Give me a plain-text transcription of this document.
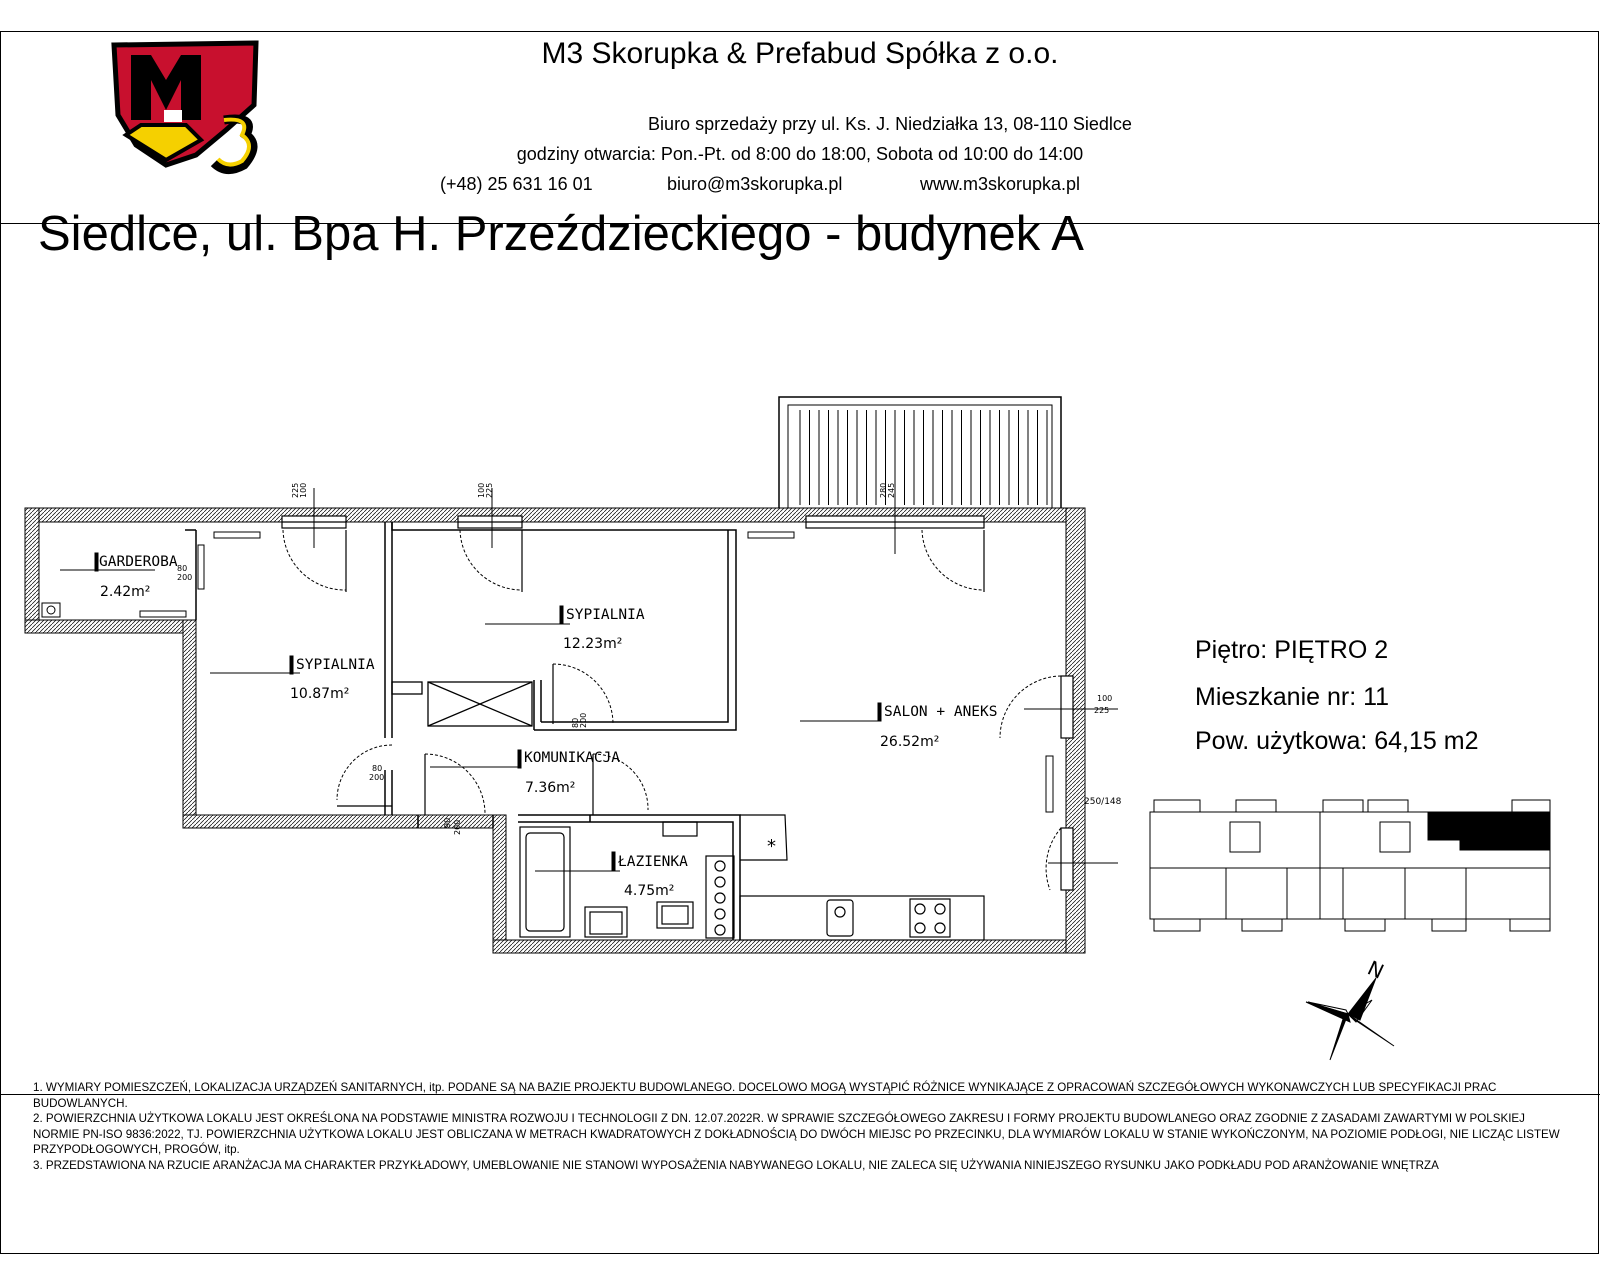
M3 Skorupka & Prefabud Spółka z o.o.
Biuro sprzedaży przy ul. Ks. J. Niedziałka 13, 08-110 Siedlce
godziny otwarcia: Pon.-Pt. od 8:00 do 18:00, Sobota od 10:00 do 14:00
(+48) 25 631 16 01	biuro@m3skorupka.pl	www.m3skorupka.pl
Siedlce, ul. Bpa H. Przeździeckiego - budynek A
Piętro: PIĘTRO 2
Mieszkanie nr: 11
Pow. użytkowa: 64,15 m2
*
GARDEROBA
2.42m²
SYPIALNIA
10.87m²
SYPIALNIA
12.23m²
SALON + ANEKS
26.52m²
KOMUNIKACJA
7.36m²
ŁAZIENKA
4.75m²
100
225	100 225	280 245
100
225
80
200
80
200
90 200
80 200
250/148
N

1. WYMIARY POMIESZCZEŃ, LOKALIZACJA URZĄDZEŃ SANITARNYCH, itp. PODANE SĄ NA BAZIE PROJEKTU BUDOWLANEGO. DOCELOWO MOGĄ WYSTĄPIĆ RÓŻNICE WYNIKAJĄCE Z OPRACOWAŃ SZCZEGÓŁOWYCH WYKONAWCZYCH LUB SPECYFIKACJI PRAC BUDOWLANYCH.

2. POWIERZCHNIA UŻYTKOWA LOKALU JEST OKREŚLONA NA PODSTAWIE MINISTRA ROZWOJU I TECHNOLOGII Z DN. 12.07.2022R. W SPRAWIE SZCZEGÓŁOWEGO ZAKRESU I FORMY PROJEKTU BUDOWLANEGO ORAZ ZGODNIE Z ZASADAMI ZAWARTYMI W POLSKIEJ NORMIE PN-ISO 9836:2022, TJ. POWIERZCHNIA UŻYTKOWA LOKALU JEST OBLICZANA W METRACH KWADRATOWYCH Z DOKŁADNOŚCIĄ DO DWÓCH MIEJSC PO PRZECINKU, DLA WYMIARÓW LOKALU W STANIE WYKOŃCZONYM, NA POZIOMIE PODŁOGI, NIE LICZĄC LISTEW PRZYPODŁOGOWYCH, PROGÓW, itp.

3. PRZEDSTAWIONA NA RZUCIE ARANŻACJA MA CHARAKTER PRZYKŁADOWY, UMEBLOWANIE NIE STANOWI WYPOSAŻENIA NABYWANEGO LOKALU, NIE ZALECA SIĘ UŻYWANIA NINIEJSZEGO RYSUNKU JAKO PODKŁADU POD ARANŻOWANIE WNĘTRZA
